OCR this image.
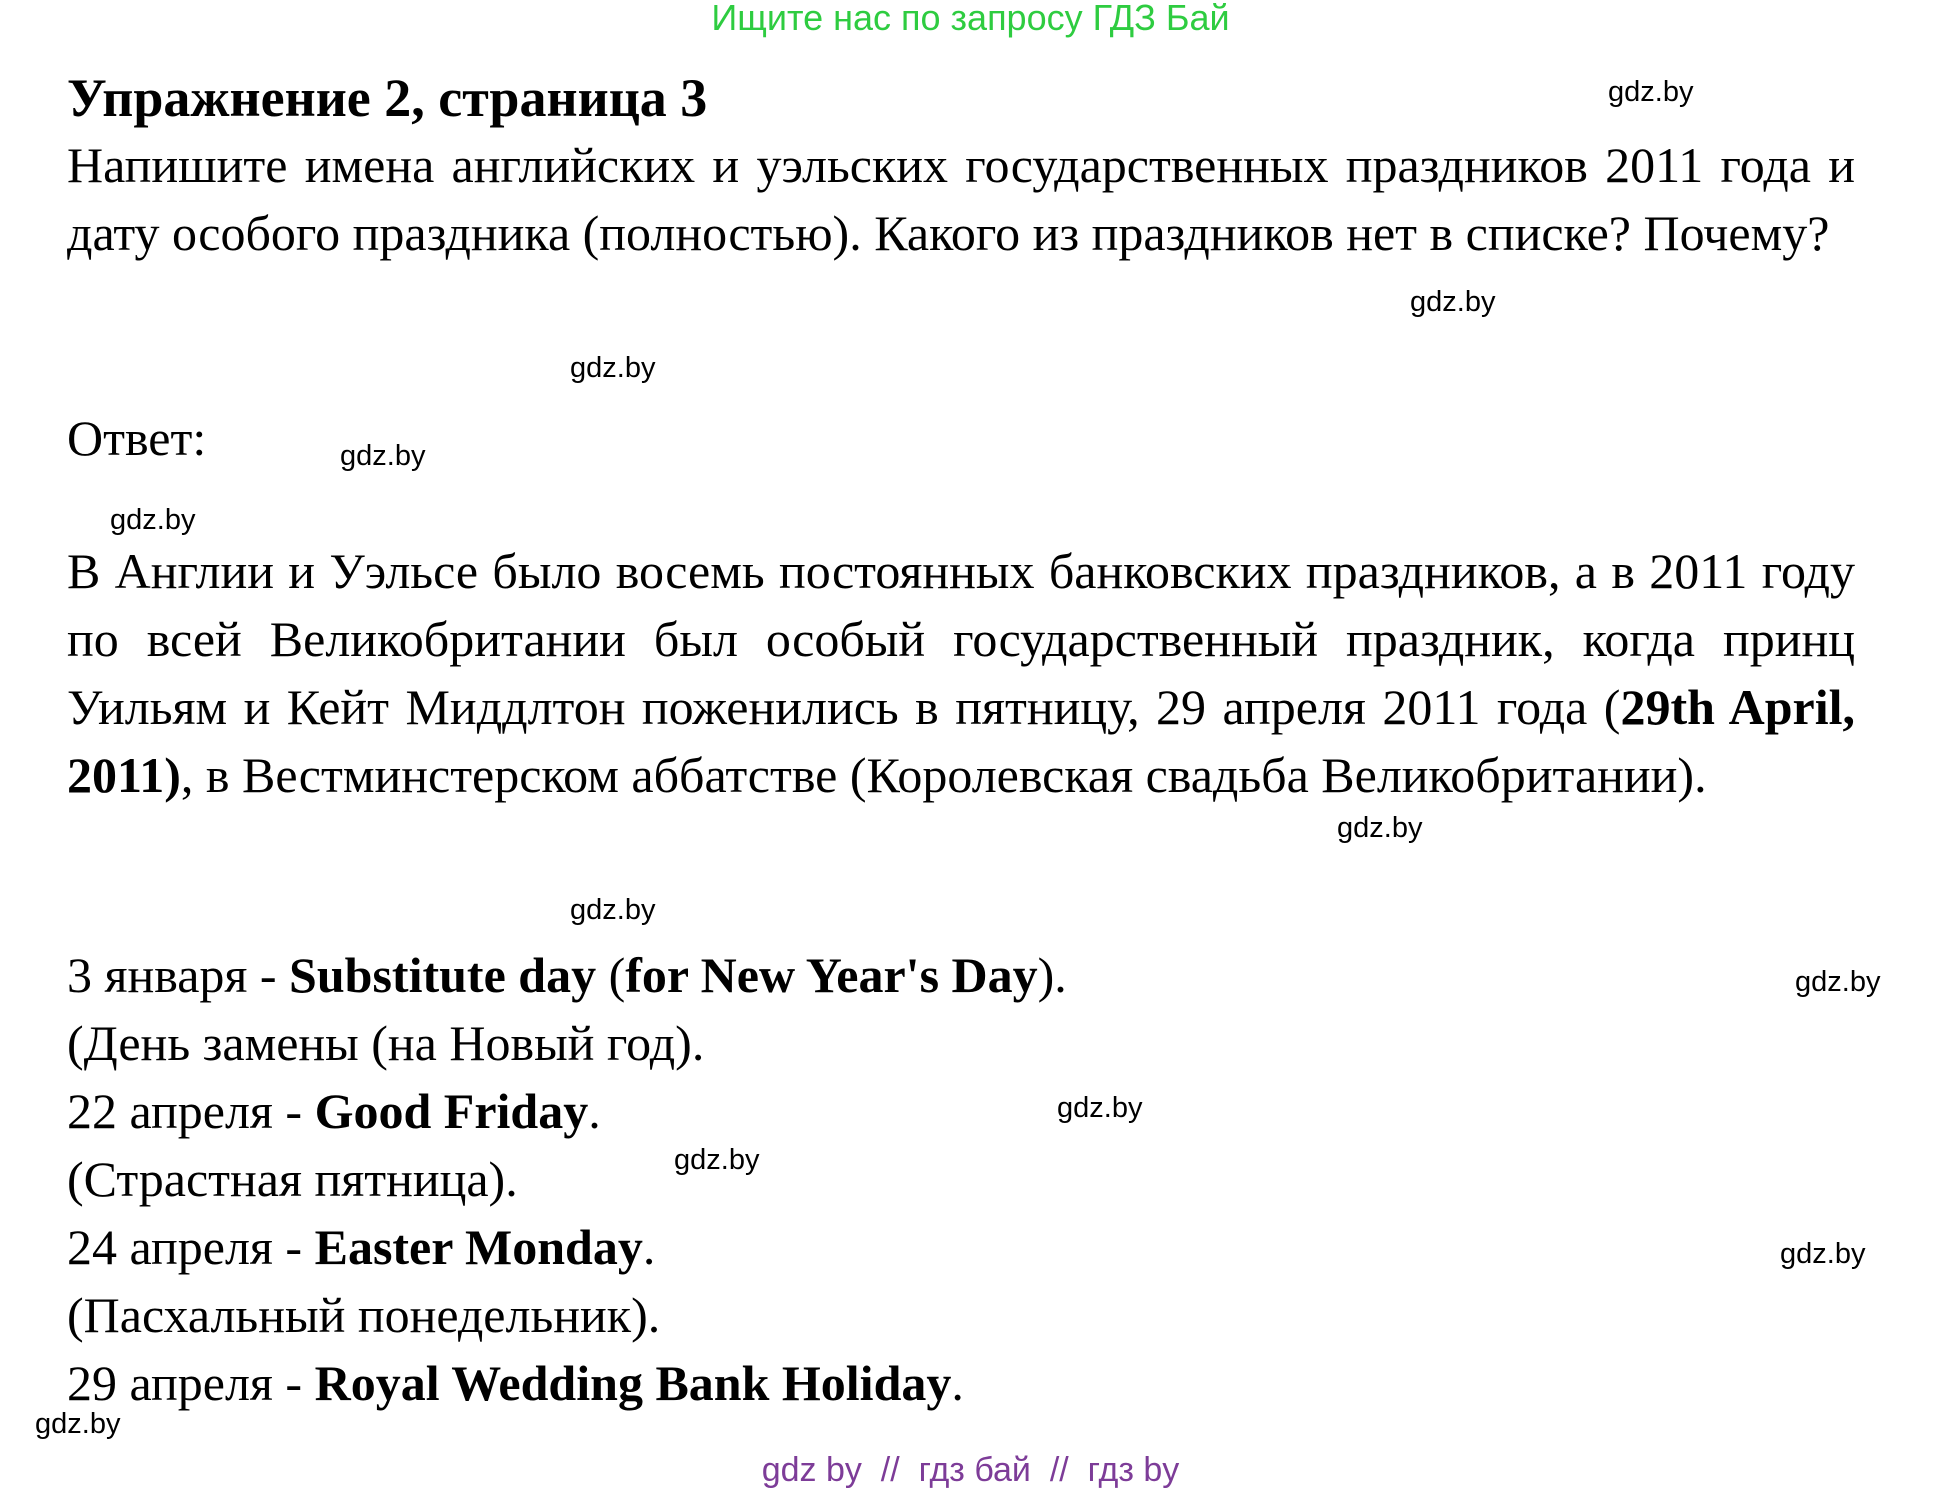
Ищите нас по запросу ГДЗ Бай
Упражнение 2, страница 3

Напишите имена английских и уэльских государственных праздников 2011 года и дату особого праздника (полностью). Какого из праздников нет в списке? Почему?

Ответ:

В Англии и Уэльсе было восемь постоянных банковских праздников, а в 2011 году по всей Великобритании был особый государственный праздник, когда принц Уильям и Кейт Миддлтон поженились в пятницу, 29 апреля 2011 года (29th April, 2011), в Вестминстерском аббатстве (Королевская свадьба Великобритании).

3 января - Substitute day (for New Year's Day).
(День замены (на Новый год).
22 апреля - Good Friday.
(Страстная пятница).
24 апреля - Easter Monday.
(Пасхальный понедельник).
29 апреля - Royal Wedding Bank Holiday.
gdz.by
gdz.by
gdz.by
gdz.by
gdz.by
gdz.by
gdz.by
gdz.by
gdz.by
gdz.by
gdz.by
gdz.by
gdz by  //  гдз бай  //  гдз by
